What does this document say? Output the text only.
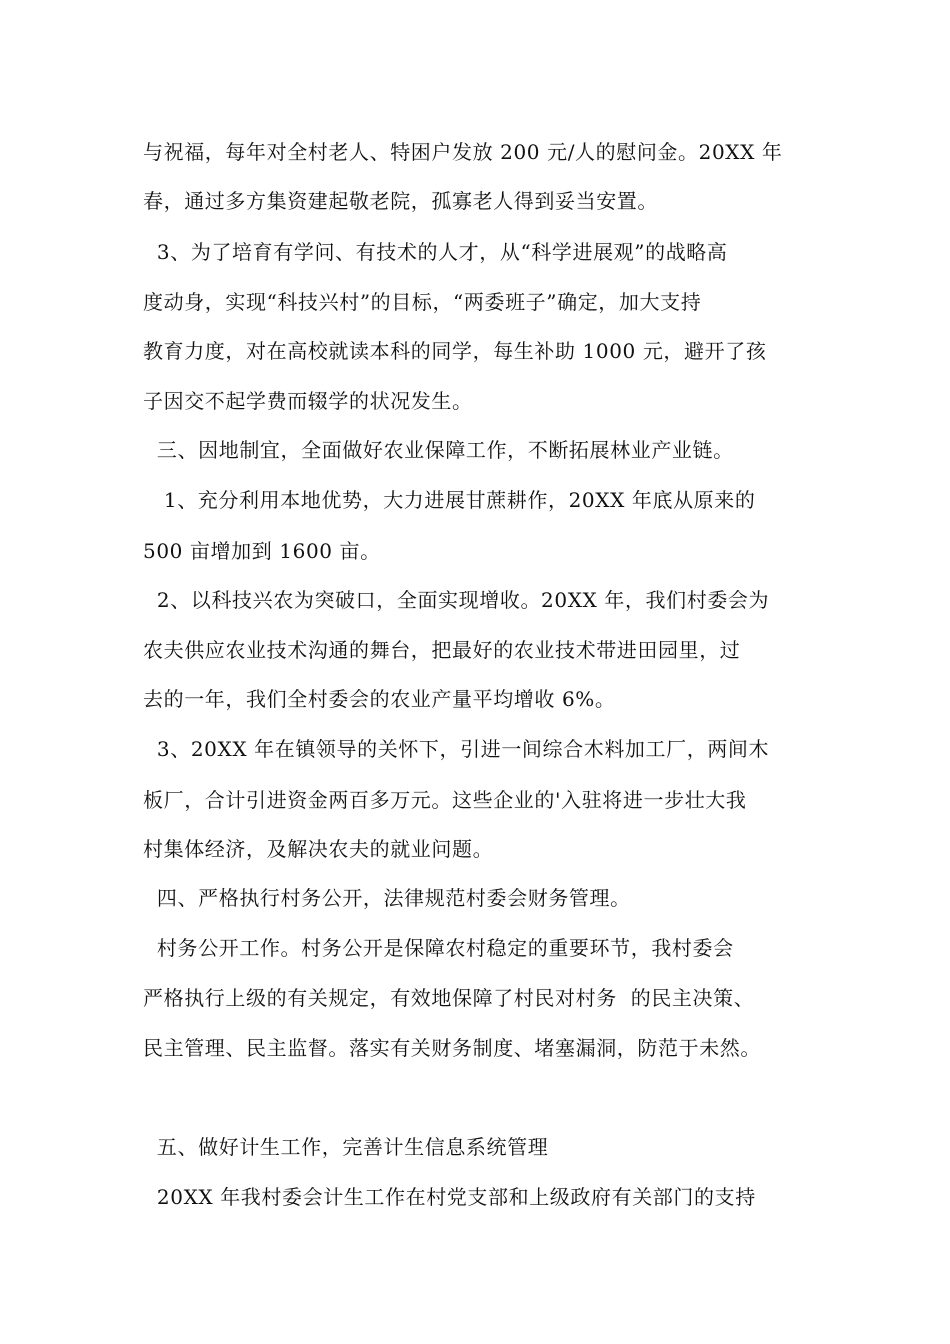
与祝福，每年对全村老人、特困户发放 200 元/人的慰问金。20XX 年
春，通过多方集资建起敬老院，孤寡老人得到妥当安置。
3、为了培育有学问、有技术的人才，从“科学进展观”的战略高
度动身，实现“科技兴村”的目标，“两委班子”确定，加大支持
教育力度，对在高校就读本科的同学，每生补助 1000 元，避开了孩
子因交不起学费而辍学的状况发生。
三、因地制宜，全面做好农业保障工作，不断拓展林业产业链。
1、充分利用本地优势，大力进展甘蔗耕作，20XX 年底从原来的
500 亩增加到 1600 亩。
2、以科技兴农为突破口，全面实现增收。20XX 年，我们村委会为
农夫供应农业技术沟通的舞台，把最好的农业技术带进田园里，过
去的一年，我们全村委会的农业产量平均增收 6%。
3、20XX 年在镇领导的关怀下，引进一间综合木料加工厂，两间木
板厂，合计引进资金两百多万元。这些企业的'入驻将进一步壮大我
村集体经济，及解决农夫的就业问题。
四、严格执行村务公开，法律规范村委会财务管理。
村务公开工作。村务公开是保障农村稳定的重要环节，我村委会
严格执行上级的有关规定，有效地保障了村民对村务  的民主决策、
民主管理、民主监督。落实有关财务制度、堵塞漏洞，防范于未然。
五、做好计生工作，完善计生信息系统管理
20XX 年我村委会计生工作在村党支部和上级政府有关部门的支持
